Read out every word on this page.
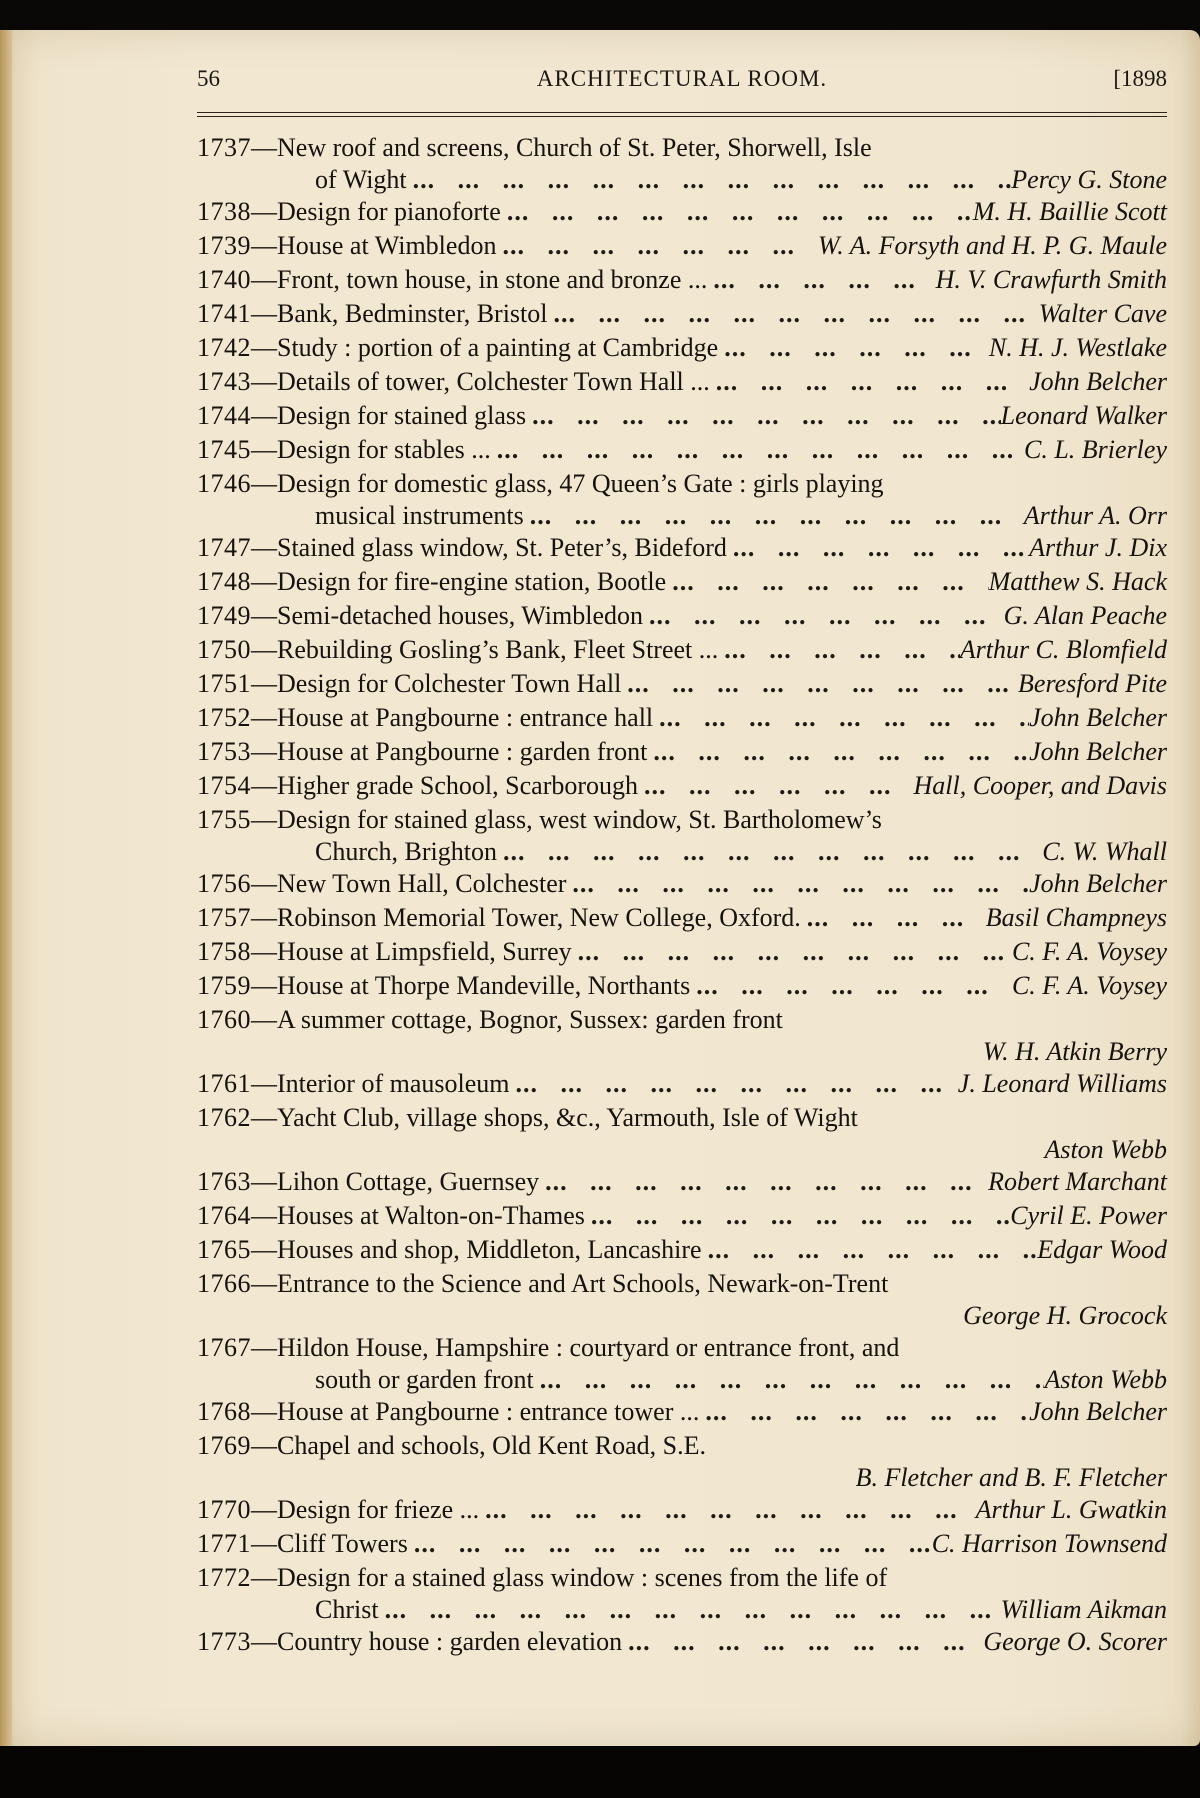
56	ARCHITECTURAL ROOM.	[1898
1737 — New roof and screens, Church of St. Peter, Shorwell, Isle
of Wight ...	Percy G. Stone
1738 — Design for pianoforte ...	M. H. Baillie Scott
1739 — House at Wimbledon ...	W. A. Forsyth and H. P. G. Maule
1740 — Front, town house, in stone and bronze ... ...	H. V. Crawfurth Smith
1741 — Bank, Bedminster, Bristol ...	Walter Cave
1742 — Study : portion of a painting at Cambridge ...	N. H. J. Westlake
1743 — Details of tower, Colchester Town Hall ... ...	John Belcher
1744 — Design for stained glass ...	Leonard Walker
1745 — Design for stables ... ...	C. L. Brierley
1746 — Design for domestic glass, 47 Queen’s Gate : girls playing
musical instruments ...	Arthur A. Orr
1747 — Stained glass window, St. Peter’s, Bideford ...	Arthur J. Dix
1748 — Design for fire-engine station, Bootle ...	Matthew S. Hack
1749 — Semi-detached houses, Wimbledon ...	G. Alan Peache
1750 — Rebuilding Gosling’s Bank, Fleet Street ... ...	Arthur C. Blomfield
1751 — Design for Colchester Town Hall ...	Beresford Pite
1752 — House at Pangbourne : entrance hall ...	John Belcher
1753 — House at Pangbourne : garden front ...	John Belcher
1754 — Higher grade School, Scarborough ...	Hall, Cooper, and Davis
1755 — Design for stained glass, west window, St. Bartholomew’s
Church, Brighton ...	C. W. Whall
1756 — New Town Hall, Colchester ...	John Belcher
1757 — Robinson Memorial Tower, New College, Oxford. ...	Basil Champneys
1758 — House at Limpsfield, Surrey ...	C. F. A. Voysey
1759 — House at Thorpe Mandeville, Northants ...	C. F. A. Voysey
1760 — A summer cottage, Bognor, Sussex: garden front
W. H. Atkin Berry
1761 — Interior of mausoleum ...	J. Leonard Williams
1762 — Yacht Club, village shops, &c., Yarmouth, Isle of Wight
Aston Webb
1763 — Lihon Cottage, Guernsey ...	Robert Marchant
1764 — Houses at Walton-on-Thames ...	Cyril E. Power
1765 — Houses and shop, Middleton, Lancashire ...	Edgar Wood
1766 — Entrance to the Science and Art Schools, Newark-on-Trent
George H. Grocock
1767 — Hildon House, Hampshire : courtyard or entrance front, and
south or garden front ...	Aston Webb
1768 — House at Pangbourne : entrance tower ... ...	John Belcher
1769 — Chapel and schools, Old Kent Road, S.E.
B. Fletcher and B. F. Fletcher
1770 — Design for frieze ... ...	Arthur L. Gwatkin
1771 — Cliff Towers ...	C. Harrison Townsend
1772 — Design for a stained glass window : scenes from the life of
Christ ...	William Aikman
1773 — Country house : garden elevation ...	George O. Scorer
